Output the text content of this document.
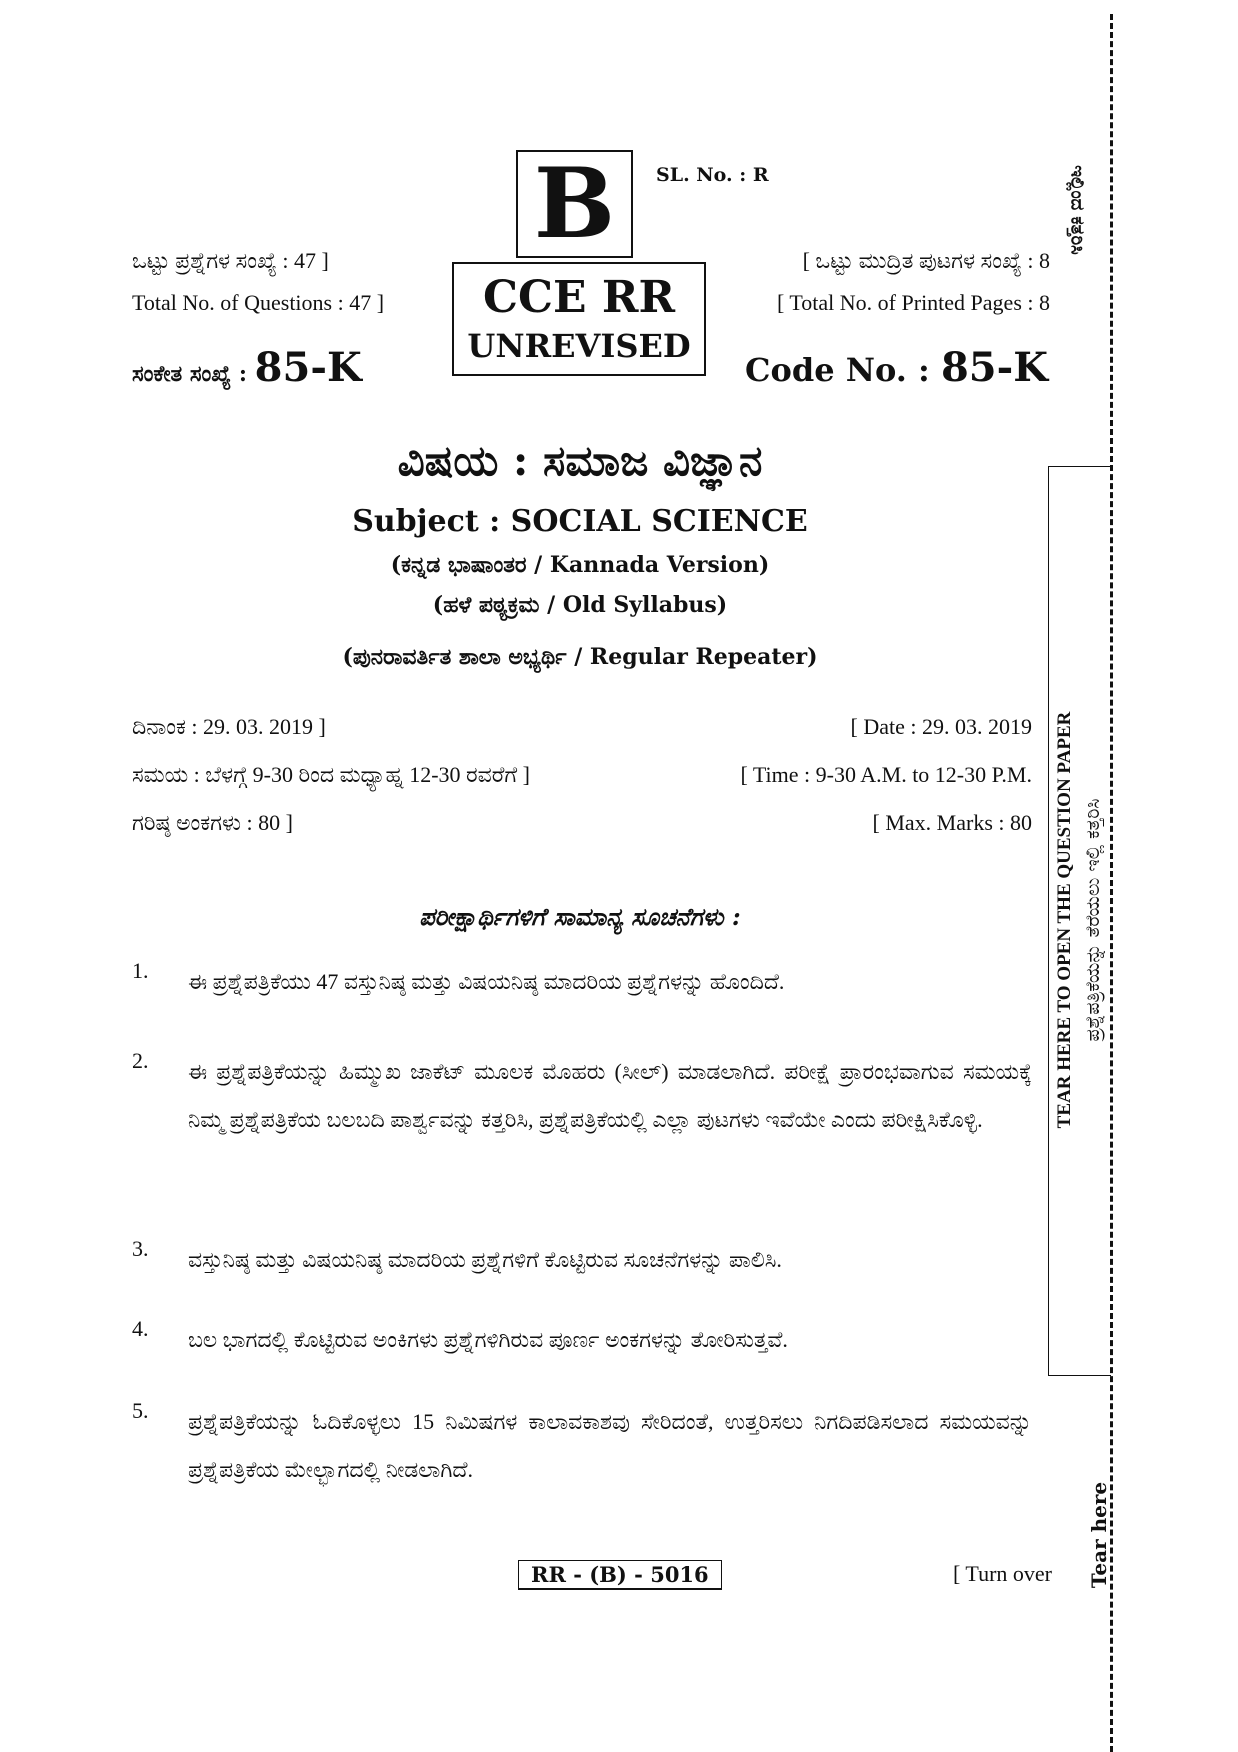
B	SL. No. : R
CCE RR
UNREVISED
ಒಟ್ಟು ಪ್ರಶ್ನೆಗಳ ಸಂಖ್ಯೆ : 47 ]
Total No. of Questions : 47 ]
ಸಂಕೇತ ಸಂಖ್ಯೆ : 85-K
[ ಒಟ್ಟು ಮುದ್ರಿತ ಪುಟಗಳ ಸಂಖ್ಯೆ : 8
[ Total No. of Printed Pages : 8
Code No. : 85-K
ವಿಷಯ : ಸಮಾಜ ವಿಜ್ಞಾನ
Subject : SOCIAL SCIENCE
(ಕನ್ನಡ ಭಾಷಾಂತರ / Kannada Version)
(ಹಳೆ ಪಠ್ಯಕ್ರಮ / Old Syllabus)
(ಪುನರಾವರ್ತಿತ ಶಾಲಾ ಅಭ್ಯರ್ಥಿ / Regular Repeater)
ದಿನಾಂಕ : 29. 03. 2019 ]	[ Date : 29. 03. 2019
ಸಮಯ : ಬೆಳಗ್ಗೆ 9-30 ರಿಂದ ಮಧ್ಯಾಹ್ನ 12-30 ರವರೆಗೆ ]	[ Time : 9-30 A.M. to 12-30 P.M.
ಗರಿಷ್ಠ ಅಂಕಗಳು : 80 ]	[ Max. Marks : 80
ಪರೀಕ್ಷಾರ್ಥಿಗಳಿಗೆ ಸಾಮಾನ್ಯ ಸೂಚನೆಗಳು :
1. ಈ ಪ್ರಶ್ನೆಪತ್ರಿಕೆಯು 47 ವಸ್ತುನಿಷ್ಠ ಮತ್ತು ವಿಷಯನಿಷ್ಠ ಮಾದರಿಯ ಪ್ರಶ್ನೆಗಳನ್ನು ಹೊಂದಿದೆ.
2. ಈ ಪ್ರಶ್ನೆಪತ್ರಿಕೆಯನ್ನು ಹಿಮ್ಮುಖ ಜಾಕೆಟ್ ಮೂಲಕ ಮೊಹರು (ಸೀಲ್) ಮಾಡಲಾಗಿದೆ. ಪರೀಕ್ಷೆ ಪ್ರಾರಂಭವಾಗುವ ಸಮಯಕ್ಕೆ ನಿಮ್ಮ ಪ್ರಶ್ನೆಪತ್ರಿಕೆಯ ಬಲಬದಿ ಪಾರ್ಶ್ವವನ್ನು ಕತ್ತರಿಸಿ, ಪ್ರಶ್ನೆಪತ್ರಿಕೆಯಲ್ಲಿ ಎಲ್ಲಾ ಪುಟಗಳು ಇವೆಯೇ ಎಂದು ಪರೀಕ್ಷಿಸಿಕೊಳ್ಳಿ.
3. ವಸ್ತುನಿಷ್ಠ ಮತ್ತು ವಿಷಯನಿಷ್ಠ ಮಾದರಿಯ ಪ್ರಶ್ನೆಗಳಿಗೆ ಕೊಟ್ಟಿರುವ ಸೂಚನೆಗಳನ್ನು ಪಾಲಿಸಿ.
4. ಬಲ ಭಾಗದಲ್ಲಿ ಕೊಟ್ಟಿರುವ ಅಂಕಿಗಳು ಪ್ರಶ್ನೆಗಳಿಗಿರುವ ಪೂರ್ಣ ಅಂಕಗಳನ್ನು ತೋರಿಸುತ್ತವೆ.
5. ಪ್ರಶ್ನೆಪತ್ರಿಕೆಯನ್ನು ಓದಿಕೊಳ್ಳಲು 15 ನಿಮಿಷಗಳ ಕಾಲಾವಕಾಶವು ಸೇರಿದಂತೆ, ಉತ್ತರಿಸಲು ನಿಗದಿಪಡಿಸಲಾದ ಸಮಯವನ್ನು ಪ್ರಶ್ನೆಪತ್ರಿಕೆಯ ಮೇಲ್ಭಾಗದಲ್ಲಿ ನೀಡಲಾಗಿದೆ.
RR - (B) - 5016	[ Turn over
ಇಲ್ಲಿಂದ ಕತ್ತರಿಸಿ
TEAR HERE TO OPEN THE QUESTION PAPER ಪ್ರಶ್ನೆಪತ್ರಿಕೆಯನ್ನು ತೆರೆಯಲು ಇಲ್ಲಿ ಕತ್ತರಿಸಿ
Tear here
